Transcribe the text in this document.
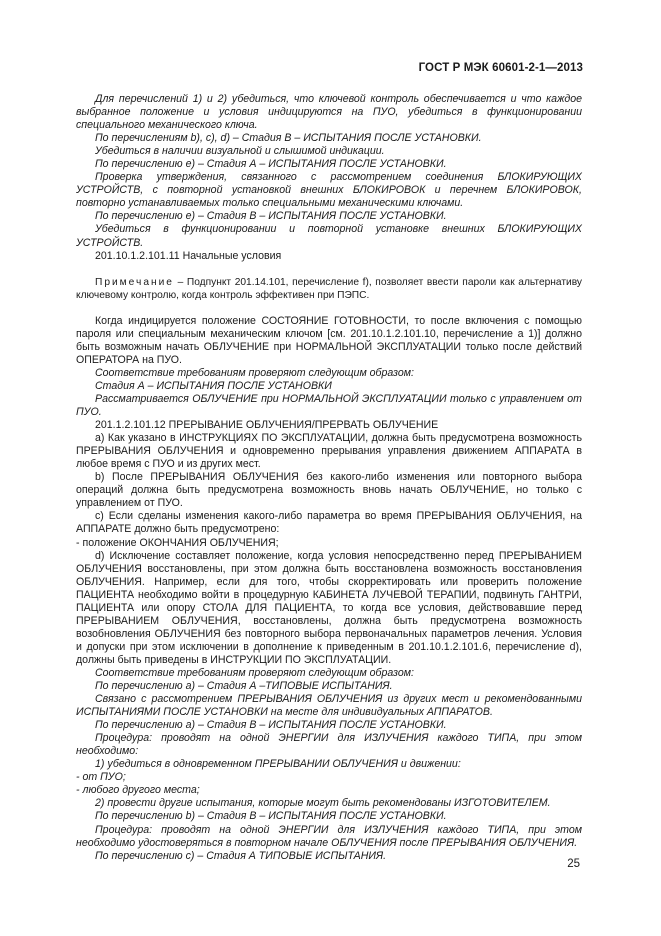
ГОСТ Р МЭК 60601-2-1—2013

Для перечислений 1) и 2) убедиться, что ключевой контроль обеспечивается и что каждое выбранное положение и условия индицируются на ПУО, убедиться в функционировании специального механического ключа.

По перечислениям b), c), d) – Стадия В – ИСПЫТАНИЯ ПОСЛЕ УСТАНОВКИ.

Убедиться в наличии визуальной и слышимой индикации.

По перечислению e) – Стадия А – ИСПЫТАНИЯ ПОСЛЕ УСТАНОВКИ.

Проверка утверждения, связанного с рассмотрением соединения БЛОКИРУЮЩИХ УСТРОЙСТВ, с повторной установкой внешних БЛОКИРОВОК и перечнем БЛОКИРОВОК, повторно устанавливаемых только специальными механическими ключами.

По перечислению e) – Стадия В – ИСПЫТАНИЯ ПОСЛЕ УСТАНОВКИ.

Убедиться в функционировании и повторной установке внешних БЛОКИРУЮЩИХ УСТРОЙСТВ.

201.10.1.2.101.11 Начальные условия

Примечание – Подпункт 201.14.101, перечисление f), позволяет ввести пароли как альтернативу ключевому контролю, когда контроль эффективен при ПЭПС.

Когда индицируется положение СОСТОЯНИЕ ГОТОВНОСТИ, то после включения с помощью пароля или специальным механическим ключом [см. 201.10.1.2.101.10, перечисление а 1)] должно быть возможным начать ОБЛУЧЕНИЕ при НОРМАЛЬНОЙ ЭКСПЛУАТАЦИИ только после действий ОПЕРАТОРА на ПУО.

Соответствие требованиям проверяют следующим образом:

Стадия А – ИСПЫТАНИЯ ПОСЛЕ УСТАНОВКИ

Рассматривается ОБЛУЧЕНИЕ при НОРМАЛЬНОЙ ЭКСПЛУАТАЦИИ только с управлением от ПУО.

201.1.2.101.12 ПРЕРЫВАНИЕ ОБЛУЧЕНИЯ/ПРЕРВАТЬ ОБЛУЧЕНИЕ

а) Как указано в ИНСТРУКЦИЯХ ПО ЭКСПЛУАТАЦИИ, должна быть предусмотрена возможность ПРЕРЫВАНИЯ ОБЛУЧЕНИЯ и одновременно прерывания управления движением АППАРАТА в любое время с ПУО и из других мест.

b) После ПРЕРЫВАНИЯ ОБЛУЧЕНИЯ без какого-либо изменения или повторного выбора операций должна быть предусмотрена возможность вновь начать ОБЛУЧЕНИЕ, но только с управлением от ПУО.

c) Если сделаны изменения какого-либо параметра во время ПРЕРЫВАНИЯ ОБЛУЧЕНИЯ, на АППАРАТЕ должно быть предусмотрено:

- положение ОКОНЧАНИЯ ОБЛУЧЕНИЯ;

d) Исключение составляет положение, когда условия непосредственно перед ПРЕРЫВАНИЕМ ОБЛУЧЕНИЯ восстановлены, при этом должна быть восстановлена возможность восстановления ОБЛУЧЕНИЯ. Например, если для того, чтобы скорректировать или проверить положение ПАЦИЕНТА необходимо войти в процедурную КАБИНЕТА ЛУЧЕВОЙ ТЕРАПИИ, подвинуть ГАНТРИ, ПАЦИЕНТА или опору СТОЛА ДЛЯ ПАЦИЕНТА, то когда все условия, действовавшие перед ПРЕРЫВАНИЕМ ОБЛУЧЕНИЯ, восстановлены, должна быть предусмотрена возможность возобновления ОБЛУЧЕНИЯ без повторного выбора первоначальных параметров лечения. Условия и допуски при этом исключении в дополнение к приведенным в 201.10.1.2.101.6, перечисление d), должны быть приведены в ИНСТРУКЦИИ ПО ЭКСПЛУАТАЦИИ.

Соответствие требованиям проверяют следующим образом:

По перечислению а) – Стадия А –ТИПОВЫЕ ИСПЫТАНИЯ.

Связано с рассмотрением ПРЕРЫВАНИЯ ОБЛУЧЕНИЯ из других мест и рекомендованными ИСПЫТАНИЯМИ ПОСЛЕ УСТАНОВКИ на месте для индивидуальных АППАРАТОВ.

По перечислению а) – Стадия В – ИСПЫТАНИЯ ПОСЛЕ УСТАНОВКИ.

Процедура: проводят на одной ЭНЕРГИИ для ИЗЛУЧЕНИЯ каждого ТИПА, при этом необходимо:

1) убедиться в одновременном ПРЕРЫВАНИИ ОБЛУЧЕНИЯ и движении:

- от ПУО;

- любого другого места;

2) провести другие испытания, которые могут быть рекомендованы ИЗГОТОВИТЕЛЕМ.

По перечислению b) – Стадия В – ИСПЫТАНИЯ ПОСЛЕ УСТАНОВКИ.

Процедура: проводят на одной ЭНЕРГИИ для ИЗЛУЧЕНИЯ каждого ТИПА, при этом необходимо удостоверяться в повторном начале ОБЛУЧЕНИЯ после ПРЕРЫВАНИЯ ОБЛУЧЕНИЯ.

По перечислению с) – Стадия А ТИПОВЫЕ ИСПЫТАНИЯ.

25
